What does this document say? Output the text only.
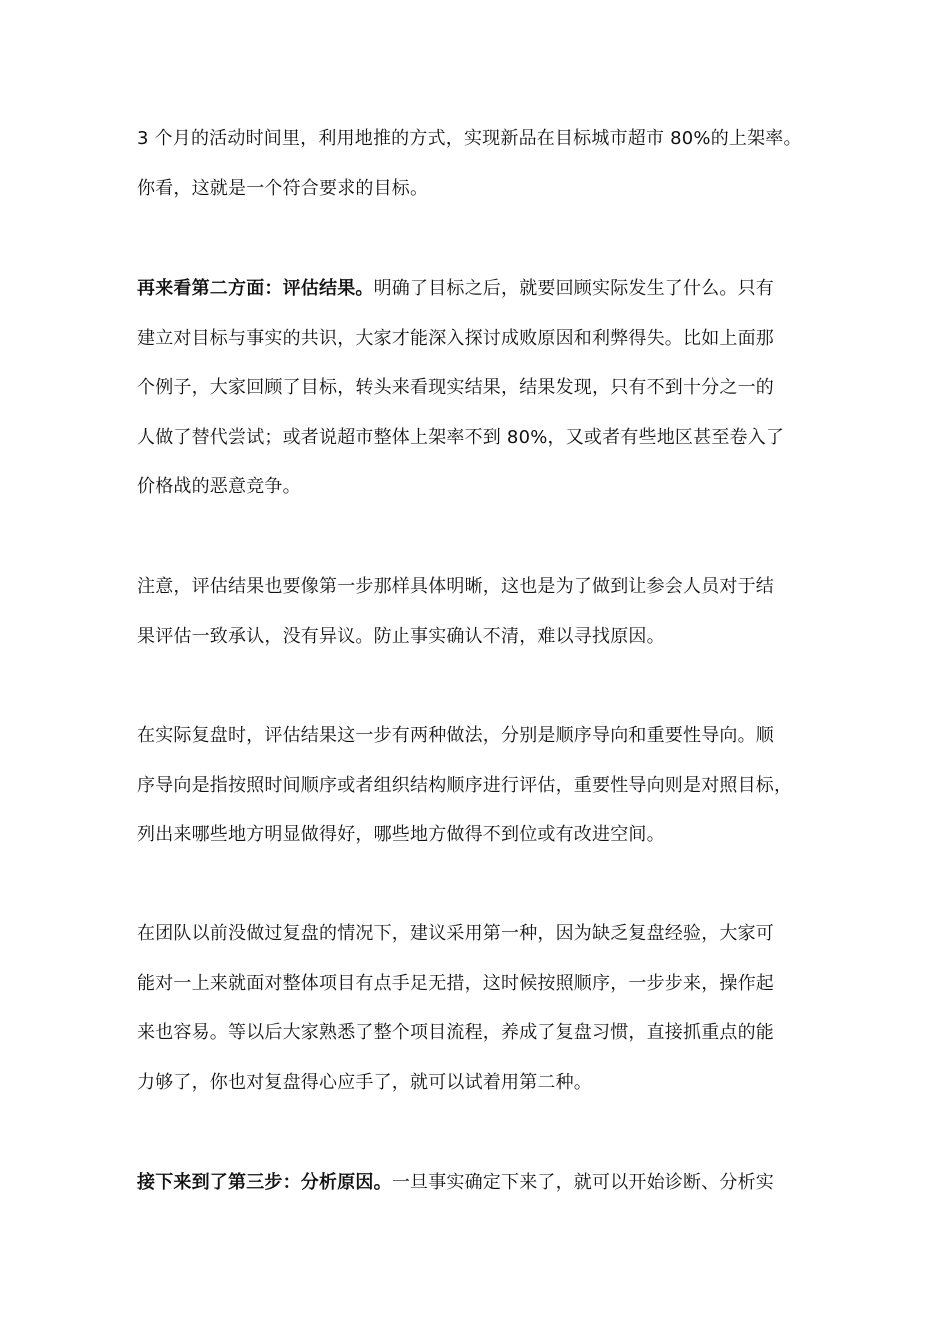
3 个月的活动时间里，利用地推的方式，实现新品在目标城市超市 80%的上架率。
你看，这就是一个符合要求的目标。

再来看第二方面：评估结果。明确了目标之后，就要回顾实际发生了什么。只有
建立对目标与事实的共识，大家才能深入探讨成败原因和利弊得失。比如上面那
个例子，大家回顾了目标，转头来看现实结果，结果发现，只有不到十分之一的
人做了替代尝试；或者说超市整体上架率不到 80%，又或者有些地区甚至卷入了
价格战的恶意竞争。

注意，评估结果也要像第一步那样具体明晰，这也是为了做到让参会人员对于结
果评估一致承认，没有异议。防止事实确认不清，难以寻找原因。

在实际复盘时，评估结果这一步有两种做法，分别是顺序导向和重要性导向。顺
序导向是指按照时间顺序或者组织结构顺序进行评估，重要性导向则是对照目标，
列出来哪些地方明显做得好，哪些地方做得不到位或有改进空间。

在团队以前没做过复盘的情况下，建议采用第一种，因为缺乏复盘经验，大家可
能对一上来就面对整体项目有点手足无措，这时候按照顺序，一步步来，操作起
来也容易。等以后大家熟悉了整个项目流程，养成了复盘习惯，直接抓重点的能
力够了，你也对复盘得心应手了，就可以试着用第二种。

接下来到了第三步：分析原因。一旦事实确定下来了，就可以开始诊断、分析实
